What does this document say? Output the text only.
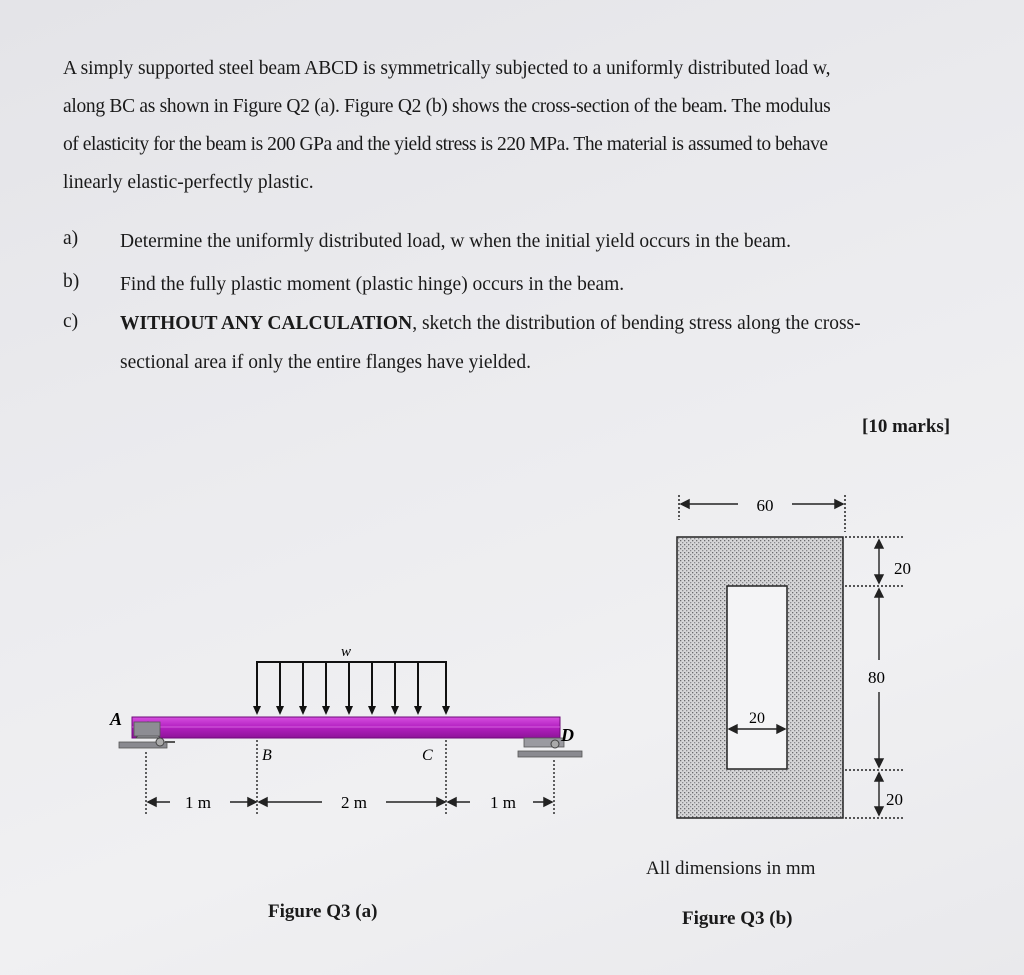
A simply supported steel beam ABCD is symmetrically subjected to a uniformly distributed load w,
along BC as shown in Figure Q2 (a). Figure Q2 (b) shows the cross-section of the beam. The modulus
of elasticity for the beam is 200 GPa and the yield stress is 220 MPa. The material is assumed to behave
linearly elastic-perfectly plastic.
a) Determine the uniformly distributed load, w when the initial yield occurs in the beam.
b) Find the fully plastic moment (plastic hinge) occurs in the beam.
c) WITHOUT ANY CALCULATION, sketch the distribution of bending stress along the cross-
sectional area if only the entire flanges have yielded.
[10 marks]
w
A
D
B	C
1 m	2 m	1 m
60
20
80
20
20
All dimensions in mm
Figure Q3 (a)	Figure Q3 (b)
